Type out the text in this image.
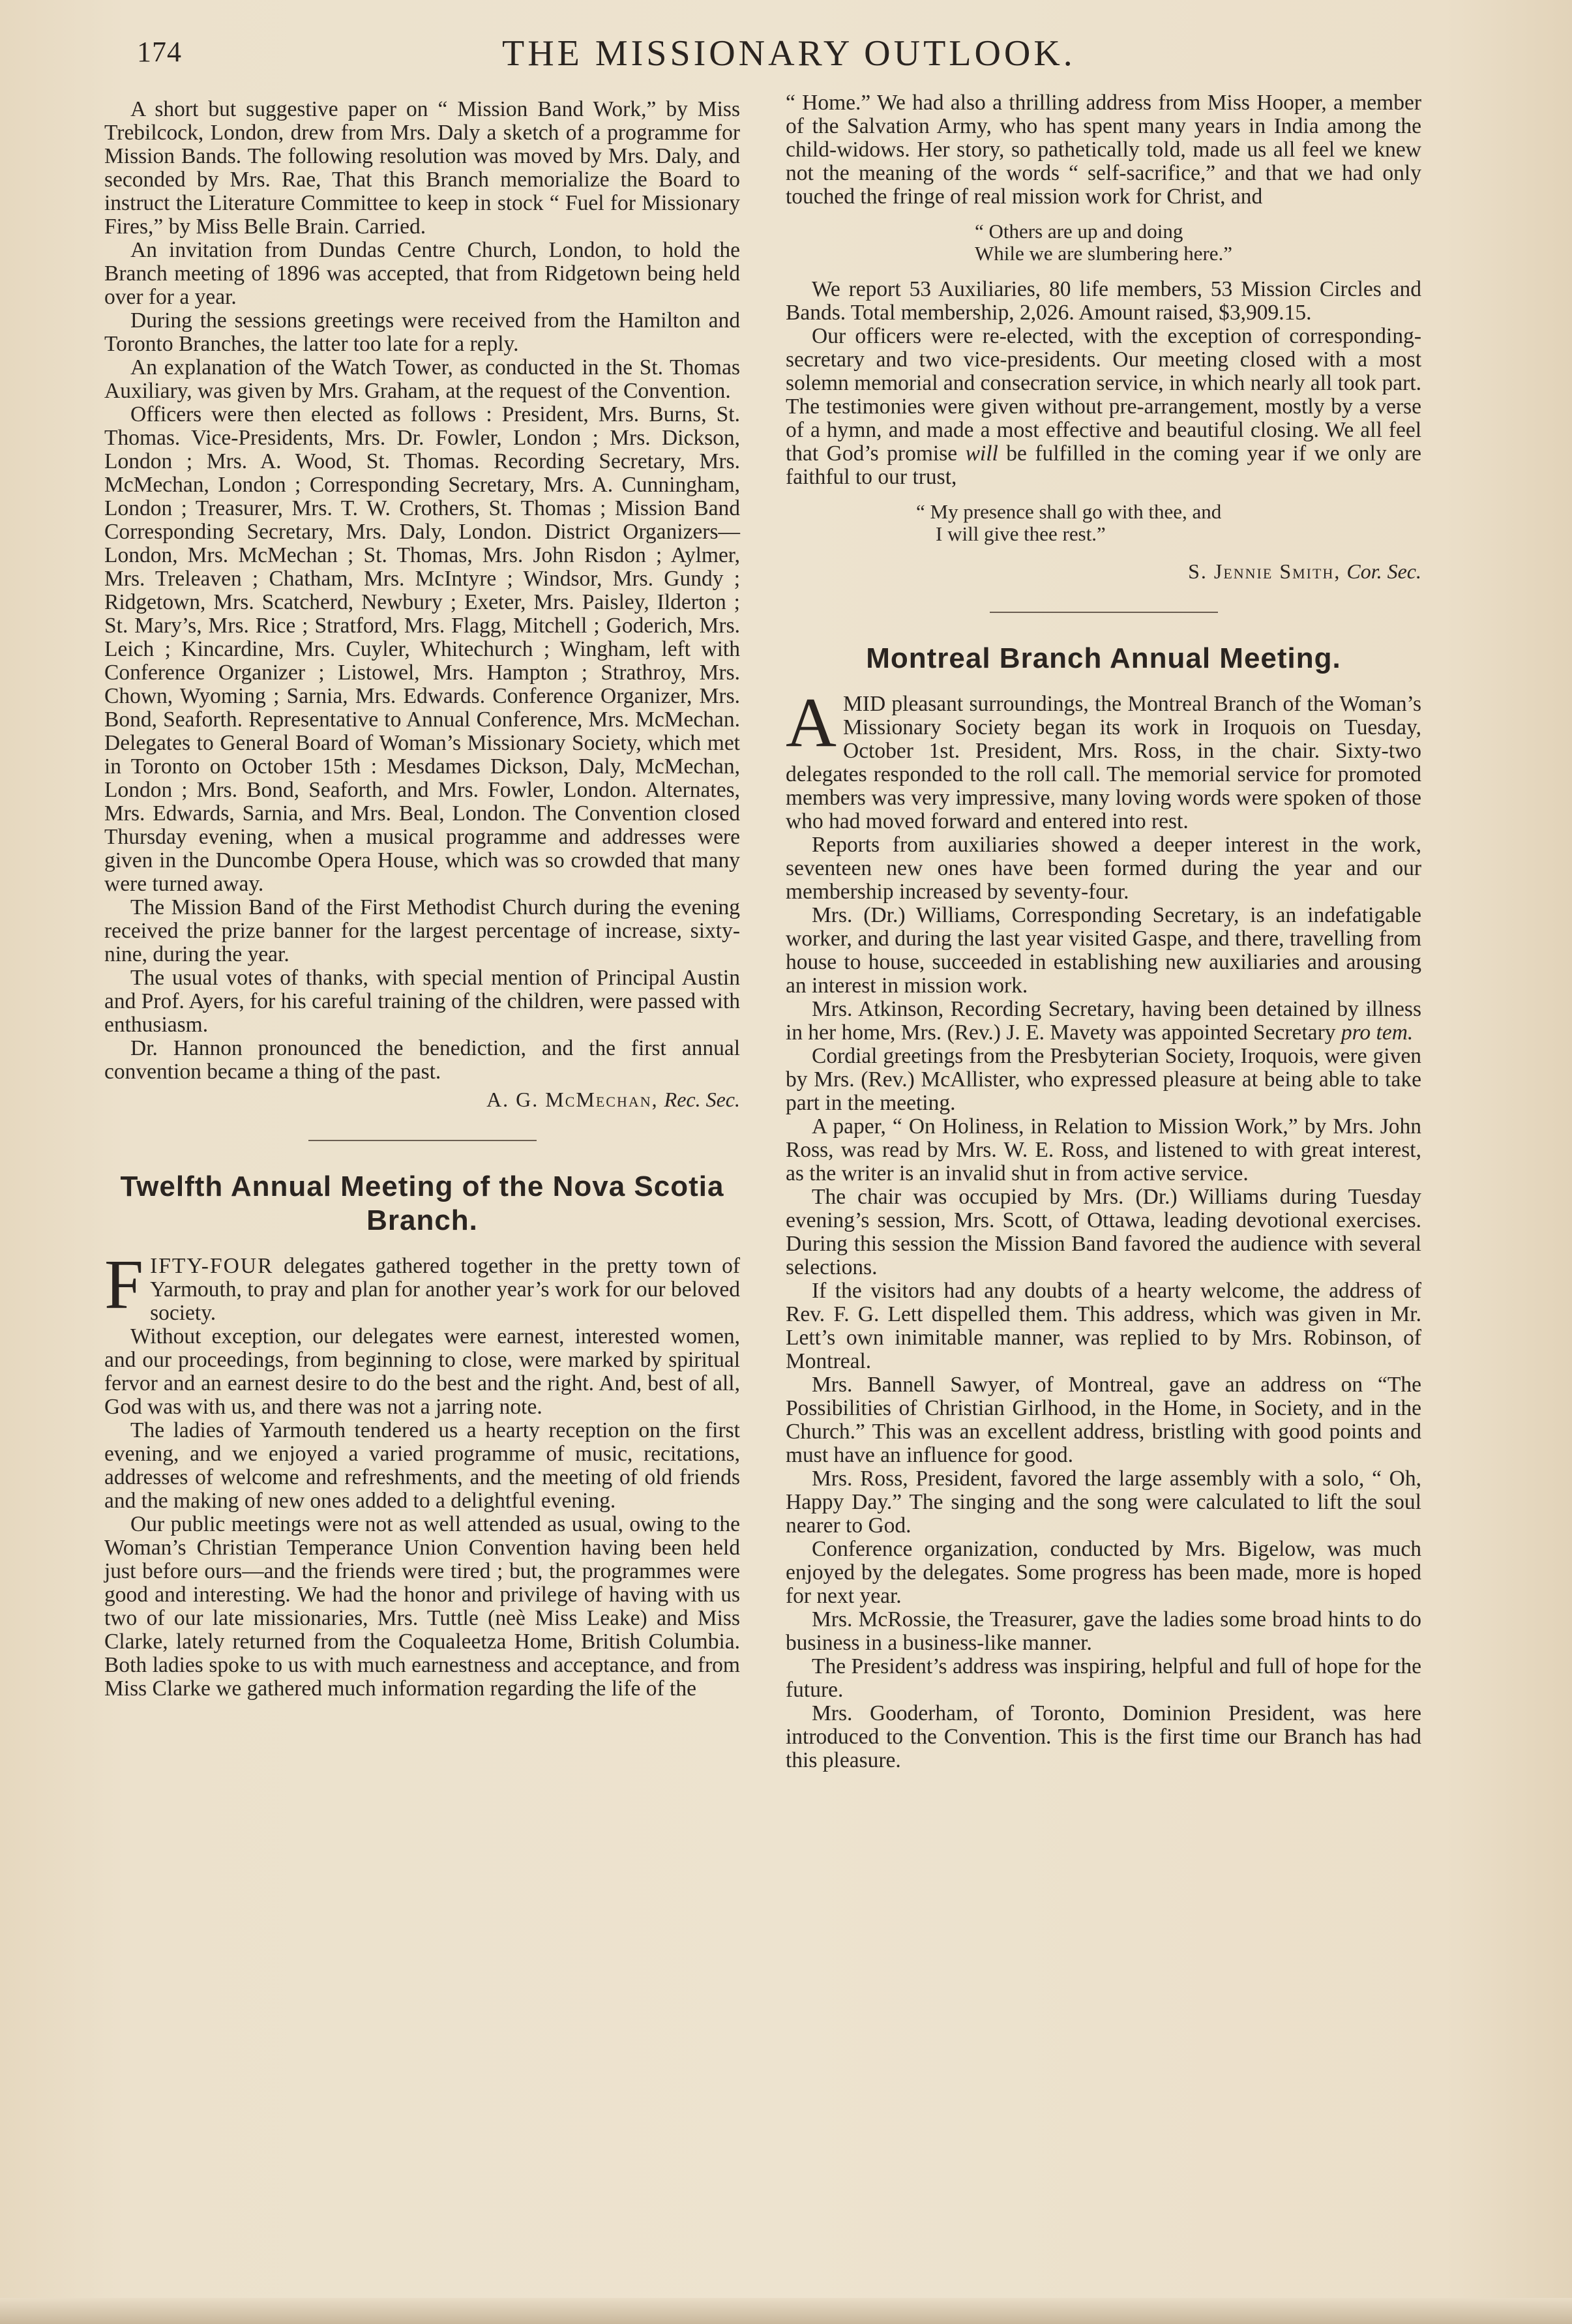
174	THE MISSIONARY OUTLOOK.

A short but suggestive paper on “ Mission Band Work,” by Miss Trebilcock, London, drew from Mrs. Daly a sketch of a programme for Mission Bands. The following resolution was moved by Mrs. Daly, and seconded by Mrs. Rae, That this Branch memorialize the Board to instruct the Literature Committee to keep in stock “ Fuel for Missionary Fires,” by Miss Belle Brain. Carried.

An invitation from Dundas Centre Church, London, to hold the Branch meeting of 1896 was accepted, that from Ridgetown being held over for a year.

During the sessions greetings were received from the Hamilton and Toronto Branches, the latter too late for a reply.

An explanation of the Watch Tower, as conducted in the St. Thomas Auxiliary, was given by Mrs. Graham, at the request of the Convention.

Officers were then elected as follows : President, Mrs. Burns, St. Thomas. Vice-Presidents, Mrs. Dr. Fowler, London ; Mrs. Dickson, London ; Mrs. A. Wood, St. Thomas. Recording Secretary, Mrs. McMechan, London ; Corresponding Secretary, Mrs. A. Cunningham, London ; Treasurer, Mrs. T. W. Crothers, St. Thomas ; Mission Band Corresponding Secretary, Mrs. Daly, London. District Organizers—London, Mrs. McMechan ; St. Thomas, Mrs. John Risdon ; Aylmer, Mrs. Treleaven ; Chatham, Mrs. McIntyre ; Windsor, Mrs. Gundy ; Ridgetown, Mrs. Scatcherd, Newbury ; Exeter, Mrs. Paisley, Ilderton ; St. Mary’s, Mrs. Rice ; Stratford, Mrs. Flagg, Mitchell ; Goderich, Mrs. Leich ; Kincardine, Mrs. Cuyler, Whitechurch ; Wingham, left with Conference Organizer ; Listowel, Mrs. Hampton ; Strathroy, Mrs. Chown, Wyoming ; Sarnia, Mrs. Edwards. Conference Organizer, Mrs. Bond, Seaforth. Representative to Annual Conference, Mrs. McMechan. Delegates to General Board of Woman’s Missionary Society, which met in Toronto on October 15th : Mesdames Dickson, Daly, McMechan, London ; Mrs. Bond, Seaforth, and Mrs. Fowler, London. Alternates, Mrs. Edwards, Sarnia, and Mrs. Beal, London. The Convention closed Thursday evening, when a musical programme and addresses were given in the Duncombe Opera House, which was so crowded that many were turned away.

The Mission Band of the First Methodist Church during the evening received the prize banner for the largest percentage of increase, sixty-nine, during the year.

The usual votes of thanks, with special mention of Principal Austin and Prof. Ayers, for his careful training of the children, were passed with enthusiasm.

Dr. Hannon pronounced the benediction, and the first annual convention became a thing of the past.

A. G. McMechan, Rec. Sec.
Twelfth Annual Meeting of the Nova Scotia Branch.

FIFTY-FOUR delegates gathered together in the pretty town of Yarmouth, to pray and plan for another year’s work for our beloved society.

Without exception, our delegates were earnest, interested women, and our proceedings, from beginning to close, were marked by spiritual fervor and an earnest desire to do the best and the right. And, best of all, God was with us, and there was not a jarring note.

The ladies of Yarmouth tendered us a hearty reception on the first evening, and we enjoyed a varied programme of music, recitations, addresses of welcome and refreshments, and the meeting of old friends and the making of new ones added to a delightful evening.

Our public meetings were not as well attended as usual, owing to the Woman’s Christian Temperance Union Convention having been held just before ours—and the friends were tired ; but, the programmes were good and interesting. We had the honor and privilege of having with us two of our late missionaries, Mrs. Tuttle (neè Miss Leake) and Miss Clarke, lately returned from the Coqualeetza Home, British Columbia. Both ladies spoke to us with much earnestness and acceptance, and from Miss Clarke we gathered much information regarding the life of the

“ Home.” We had also a thrilling address from Miss Hooper, a member of the Salvation Army, who has spent many years in India among the child-widows. Her story, so pathetically told, made us all feel we knew not the meaning of the words “ self-sacrifice,” and that we had only touched the fringe of real mission work for Christ, and

“ Others are up and doing
While we are slumbering here.”

We report 53 Auxiliaries, 80 life members, 53 Mission Circles and Bands. Total membership, 2,026. Amount raised, $3,909.15.

Our officers were re-elected, with the exception of corresponding-secretary and two vice-presidents. Our meeting closed with a most solemn memorial and consecration service, in which nearly all took part. The testimonies were given without pre-arrangement, mostly by a verse of a hymn, and made a most effective and beautiful closing. We all feel that God’s promise will be fulfilled in the coming year if we only are faithful to our trust,

“ My presence shall go with thee, and
I will give thee rest.”
S. Jennie Smith, Cor. Sec.
Montreal Branch Annual Meeting.

AMID pleasant surroundings, the Montreal Branch of the Woman’s Missionary Society began its work in Iroquois on Tuesday, October 1st. President, Mrs. Ross, in the chair. Sixty-two delegates responded to the roll call. The memorial service for promoted members was very impressive, many loving words were spoken of those who had moved forward and entered into rest.

Reports from auxiliaries showed a deeper interest in the work, seventeen new ones have been formed during the year and our membership increased by seventy-four.

Mrs. (Dr.) Williams, Corresponding Secretary, is an indefatigable worker, and during the last year visited Gaspe, and there, travelling from house to house, succeeded in establishing new auxiliaries and arousing an interest in mission work.

Mrs. Atkinson, Recording Secretary, having been detained by illness in her home, Mrs. (Rev.) J. E. Mavety was appointed Secretary pro tem.

Cordial greetings from the Presbyterian Society, Iroquois, were given by Mrs. (Rev.) McAllister, who expressed pleasure at being able to take part in the meeting.

A paper, “ On Holiness, in Relation to Mission Work,” by Mrs. John Ross, was read by Mrs. W. E. Ross, and listened to with great interest, as the writer is an invalid shut in from active service.

The chair was occupied by Mrs. (Dr.) Williams during Tuesday evening’s session, Mrs. Scott, of Ottawa, leading devotional exercises. During this session the Mission Band favored the audience with several selections.

If the visitors had any doubts of a hearty welcome, the address of Rev. F. G. Lett dispelled them. This address, which was given in Mr. Lett’s own inimitable manner, was replied to by Mrs. Robinson, of Montreal.

Mrs. Bannell Sawyer, of Montreal, gave an address on “The Possibilities of Christian Girlhood, in the Home, in Society, and in the Church.” This was an excellent address, bristling with good points and must have an influence for good.

Mrs. Ross, President, favored the large assembly with a solo, “ Oh, Happy Day.” The singing and the song were calculated to lift the soul nearer to God.

Conference organization, conducted by Mrs. Bigelow, was much enjoyed by the delegates. Some progress has been made, more is hoped for next year.

Mrs. McRossie, the Treasurer, gave the ladies some broad hints to do business in a business-like manner.

The President’s address was inspiring, helpful and full of hope for the future.

Mrs. Gooderham, of Toronto, Dominion President, was here introduced to the Convention. This is the first time our Branch has had this pleasure.
